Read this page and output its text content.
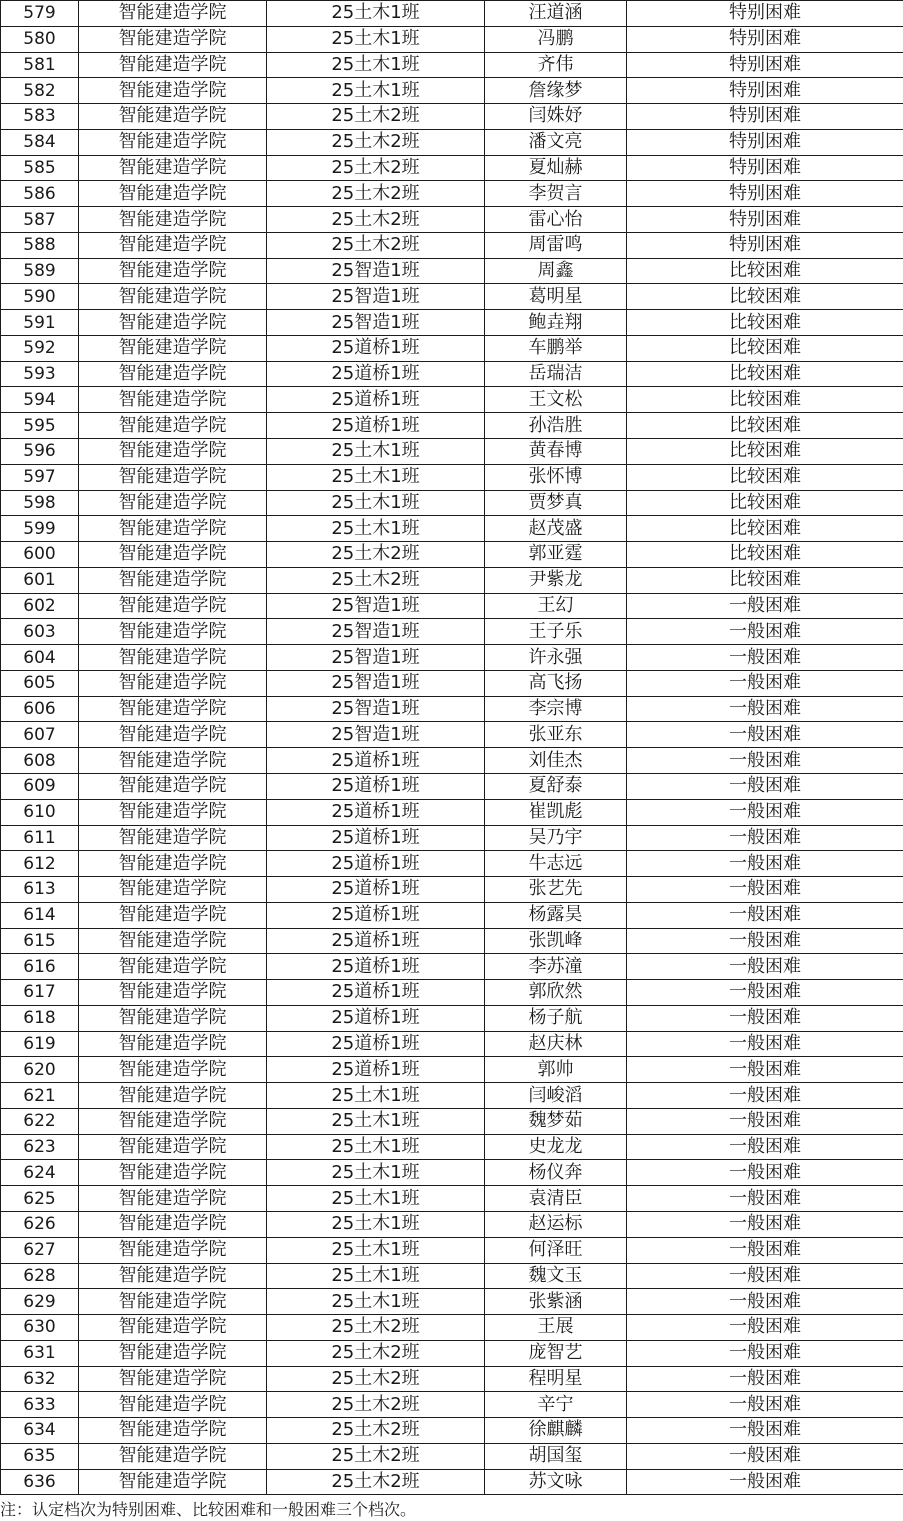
579	智能建造学院	25土木1班	汪道涵	特别困难
580	智能建造学院	25土木1班	冯鹏	特别困难
581	智能建造学院	25土木1班	齐伟	特别困难
582	智能建造学院	25土木1班	詹缘梦	特别困难
583	智能建造学院	25土木2班	闫姝妤	特别困难
584	智能建造学院	25土木2班	潘文亮	特别困难
585	智能建造学院	25土木2班	夏灿赫	特别困难
586	智能建造学院	25土木2班	李贺言	特别困难
587	智能建造学院	25土木2班	雷心怡	特别困难
588	智能建造学院	25土木2班	周雷鸣	特别困难
589	智能建造学院	25智造1班	周鑫	比较困难
590	智能建造学院	25智造1班	葛明星	比较困难
591	智能建造学院	25智造1班	鲍垚翔	比较困难
592	智能建造学院	25道桥1班	车鹏举	比较困难
593	智能建造学院	25道桥1班	岳瑞洁	比较困难
594	智能建造学院	25道桥1班	王文松	比较困难
595	智能建造学院	25道桥1班	孙浩胜	比较困难
596	智能建造学院	25土木1班	黄春博	比较困难
597	智能建造学院	25土木1班	张怀博	比较困难
598	智能建造学院	25土木1班	贾梦真	比较困难
599	智能建造学院	25土木1班	赵茂盛	比较困难
600	智能建造学院	25土木2班	郭亚霆	比较困难
601	智能建造学院	25土木2班	尹紫龙	比较困难
602	智能建造学院	25智造1班	王幻	一般困难
603	智能建造学院	25智造1班	王子乐	一般困难
604	智能建造学院	25智造1班	许永强	一般困难
605	智能建造学院	25智造1班	高飞扬	一般困难
606	智能建造学院	25智造1班	李宗博	一般困难
607	智能建造学院	25智造1班	张亚东	一般困难
608	智能建造学院	25道桥1班	刘佳杰	一般困难
609	智能建造学院	25道桥1班	夏舒泰	一般困难
610	智能建造学院	25道桥1班	崔凯彪	一般困难
611	智能建造学院	25道桥1班	吴乃宇	一般困难
612	智能建造学院	25道桥1班	牛志远	一般困难
613	智能建造学院	25道桥1班	张艺先	一般困难
614	智能建造学院	25道桥1班	杨露昊	一般困难
615	智能建造学院	25道桥1班	张凯峰	一般困难
616	智能建造学院	25道桥1班	李苏潼	一般困难
617	智能建造学院	25道桥1班	郭欣然	一般困难
618	智能建造学院	25道桥1班	杨子航	一般困难
619	智能建造学院	25道桥1班	赵庆林	一般困难
620	智能建造学院	25道桥1班	郭帅	一般困难
621	智能建造学院	25土木1班	闫峻滔	一般困难
622	智能建造学院	25土木1班	魏梦茹	一般困难
623	智能建造学院	25土木1班	史龙龙	一般困难
624	智能建造学院	25土木1班	杨仪奔	一般困难
625	智能建造学院	25土木1班	袁清臣	一般困难
626	智能建造学院	25土木1班	赵运标	一般困难
627	智能建造学院	25土木1班	何泽旺	一般困难
628	智能建造学院	25土木1班	魏文玉	一般困难
629	智能建造学院	25土木1班	张紫涵	一般困难
630	智能建造学院	25土木2班	王展	一般困难
631	智能建造学院	25土木2班	庞智艺	一般困难
632	智能建造学院	25土木2班	程明星	一般困难
633	智能建造学院	25土木2班	辛宁	一般困难
634	智能建造学院	25土木2班	徐麒麟	一般困难
635	智能建造学院	25土木2班	胡国玺	一般困难
636	智能建造学院	25土木2班	苏文咏	一般困难
注：认定档次为特别困难、比较困难和一般困难三个档次。
